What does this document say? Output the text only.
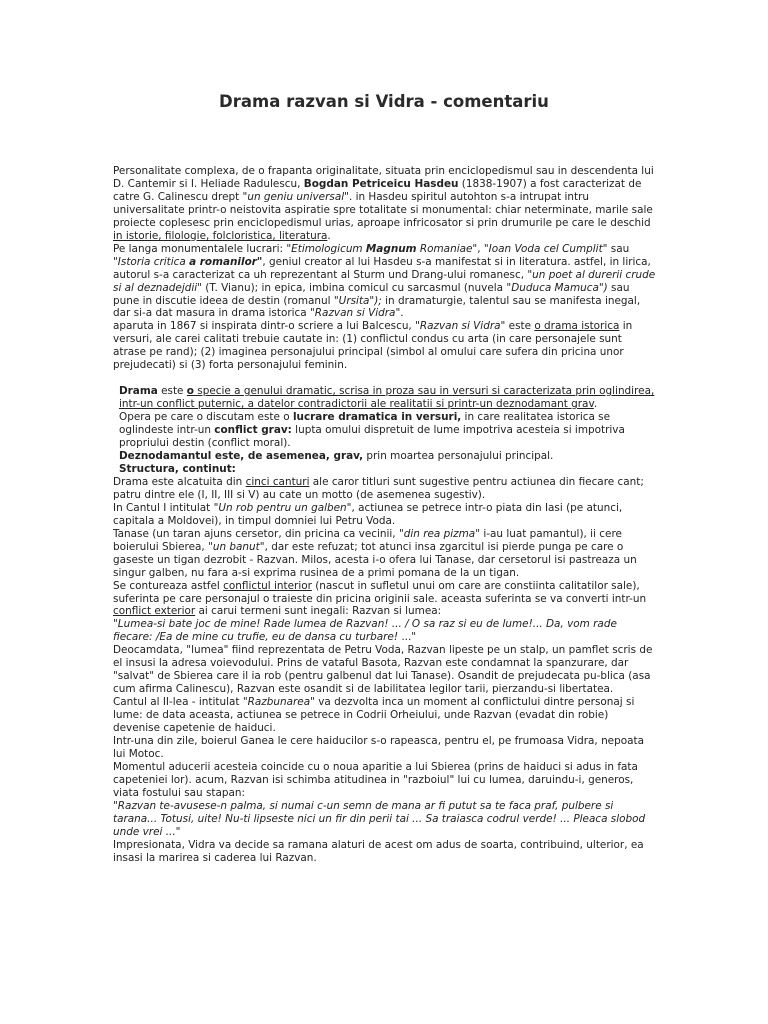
Drama razvan si Vidra - comentariu

Personalitate complexa, de o frapanta originalitate, situata prin enciclopedismul sau in descendenta lui D. Cantemir si I. Heliade Radulescu, Bogdan Petriceicu Hasdeu (1838-1907) a fost caracterizat de catre G. Calinescu drept "un geniu universal". in Hasdeu spiritul autohton s-a intrupat intru universalitate printr-o neistovita aspiratie spre totalitate si monumental: chiar neterminate, marile sale proiecte coplesesc prin enciclopedismul urias, aproape infricosator si prin drumurile pe care le deschid in istorie, filologie, folcloristica, literatura.

Pe langa monumentalele lucrari: "Etimologicum Magnum Romaniae", "Ioan Voda cel Cumplit" sau "Istoria critica a romanilor", geniul creator al lui Hasdeu s-a manifestat si in literatura. astfel, in lirica, autorul s-a caracterizat ca uh reprezentant al Sturm und Drang-ului romanesc, "un poet al durerii crude si al deznadejdii" (T. Vianu); in epica, imbina comicul cu sarcasmul (nuvela "Duduca Mamuca") sau pune in discutie ideea de destin (romanul "Ursita"); in dramaturgie, talentul sau se manifesta inegal, dar si-a dat masura in drama istorica "Razvan si Vidra".

aparuta in 1867 si inspirata dintr-o scriere a lui Balcescu, "Razvan si Vidra" este o drama istorica in versuri, ale carei calitati trebuie cautate in: (1) conflictul condus cu arta (in care personajele sunt atrase pe rand); (2) imaginea personajului principal (simbol al omului care sufera din pricina unor prejudecati) si (3) forta personajului feminin.

Drama este o specie a genului dramatic, scrisa in proza sau in versuri si caracterizata prin oglindirea, intr-un conflict puternic, a datelor contradictorii ale realitatii si printr-un deznodamant grav.

Opera pe care o discutam este o lucrare dramatica in versuri, in care realitatea istorica se oglindeste intr-un conflict grav: lupta omului dispretuit de lume impotriva acesteia si impotriva propriului destin (conflict moral).

Deznodamantul este, de asemenea, grav, prin moartea personajului principal.

Structura, continut:

Drama este alcatuita din cinci canturi ale caror titluri sunt sugestive pentru actiunea din fiecare cant; patru dintre ele (I, II, III si V) au cate un motto (de asemenea sugestiv).

In Cantul I intitulat "Un rob pentru un galben", actiunea se petrece intr-o piata din Iasi (pe atunci, capitala a Moldovei), in timpul domniei lui Petru Voda.

Tanase (un taran ajuns cersetor, din pricina ca vecinii, "din rea pizma" i-au luat pamantul), ii cere boierului Sbierea, "un banut", dar este refuzat; tot atunci insa zgarcitul isi pierde punga pe care o gaseste un tigan dezrobit - Razvan. Milos, acesta i-o ofera lui Tanase, dar cersetorul isi pastreaza un singur galben, nu fara a-si exprima rusinea de a primi pomana de la un tigan.

Se contureaza astfel conflictul interior (nascut in sufletul unui om care are constiinta calitatilor sale), suferinta pe care personajul o traieste din pricina originii sale. aceasta suferinta se va converti intr-un conflict exterior ai carui termeni sunt inegali: Razvan si lumea:

"Lumea-si bate joc de mine! Rade lumea de Razvan! ... / O sa raz si eu de lume!... Da, vom rade fiecare: /Ea de mine cu trufie, eu de dansa cu turbare! ..."

Deocamdata, "lumea" fiind reprezentata de Petru Voda, Razvan lipeste pe un stalp, un pamflet scris de el insusi la adresa voievodului. Prins de vataful Basota, Razvan este condamnat la spanzurare, dar "salvat" de Sbierea care il ia rob (pentru galbenul dat lui Tanase). Osandit de prejudecata pu-blica (asa cum afirma Calinescu), Razvan este osandit si de labilitatea legilor tarii, pierzandu-si libertatea.

Cantul al II-lea - intitulat "Razbunarea" va dezvolta inca un moment al conflictului dintre personaj si lume: de data aceasta, actiunea se petrece in Codrii Orheiului, unde Razvan (evadat din robie) devenise capetenie de haiduci.

Intr-una din zile, boierul Ganea le cere haiducilor s-o rapeasca, pentru el, pe frumoasa Vidra, nepoata lui Motoc.

Momentul aducerii acesteia coincide cu o noua aparitie a lui Sbierea (prins de haiduci si adus in fata capeteniei lor). acum, Razvan isi schimba atitudinea in "razboiul" lui cu lumea, daruindu-i, generos, viata fostului sau stapan:

"Razvan te-avusese-n palma, si numai c-un semn de mana ar fi putut sa te faca praf, pulbere si tarana... Totusi, uite! Nu-ti lipseste nici un fir din perii tai ... Sa traiasca codrul verde! ... Pleaca slobod unde vrei ..."

Impresionata, Vidra va decide sa ramana alaturi de acest om adus de soarta, contribuind, ulterior, ea insasi la marirea si caderea lui Razvan.
